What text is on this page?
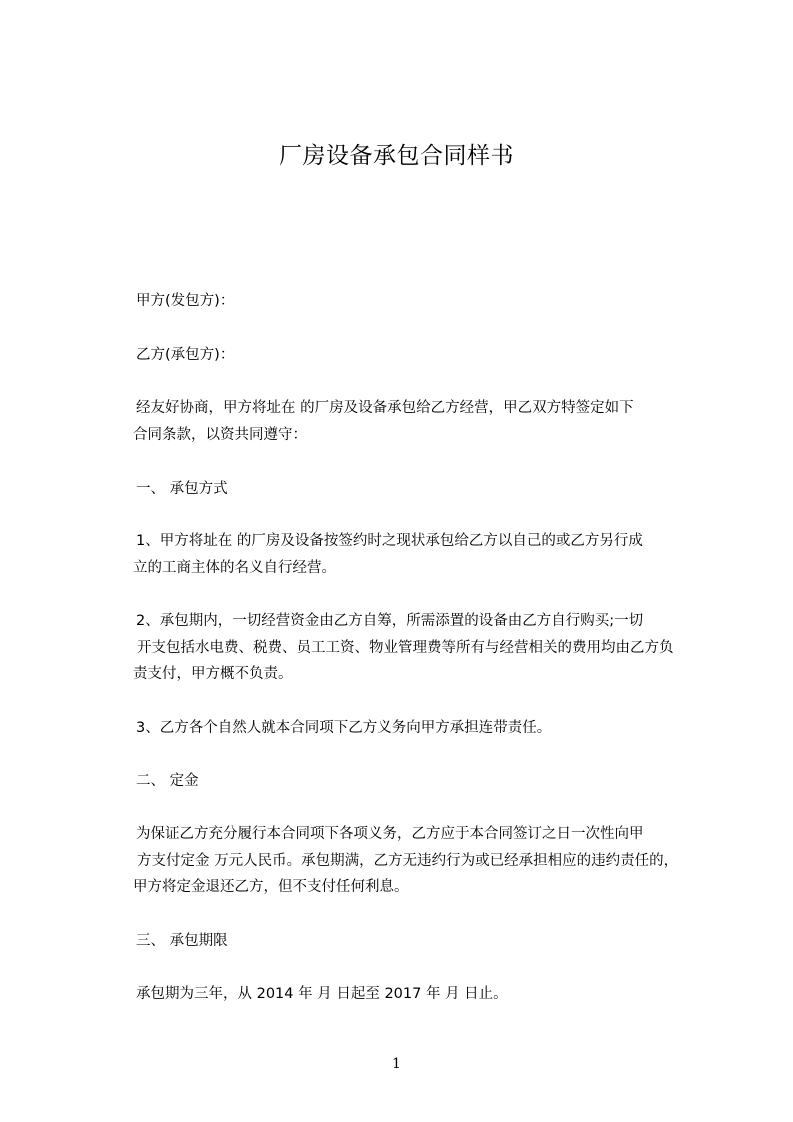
厂房设备承包合同样书
甲方(发包方)：
乙方(承包方)：
经友好协商，甲方将址在 的厂房及设备承包给乙方经营，甲乙双方特签定如下
合同条款，以资共同遵守：
一、 承包方式
1、甲方将址在 的厂房及设备按签约时之现状承包给乙方以自己的或乙方另行成
立的工商主体的名义自行经营。
2、承包期内，一切经营资金由乙方自筹，所需添置的设备由乙方自行购买;一切
开支包括水电费、税费、员工工资、物业管理费等所有与经营相关的费用均由乙方负
责支付，甲方概不负责。
3、乙方各个自然人就本合同项下乙方义务向甲方承担连带责任。
二、 定金
为保证乙方充分履行本合同项下各项义务，乙方应于本合同签订之日一次性向甲
方支付定金 万元人民币。承包期满，乙方无违约行为或已经承担相应的违约责任的，
甲方将定金退还乙方，但不支付任何利息。
三、 承包期限
承包期为三年，从 2014 年 月 日起至 2017 年 月 日止。
1
